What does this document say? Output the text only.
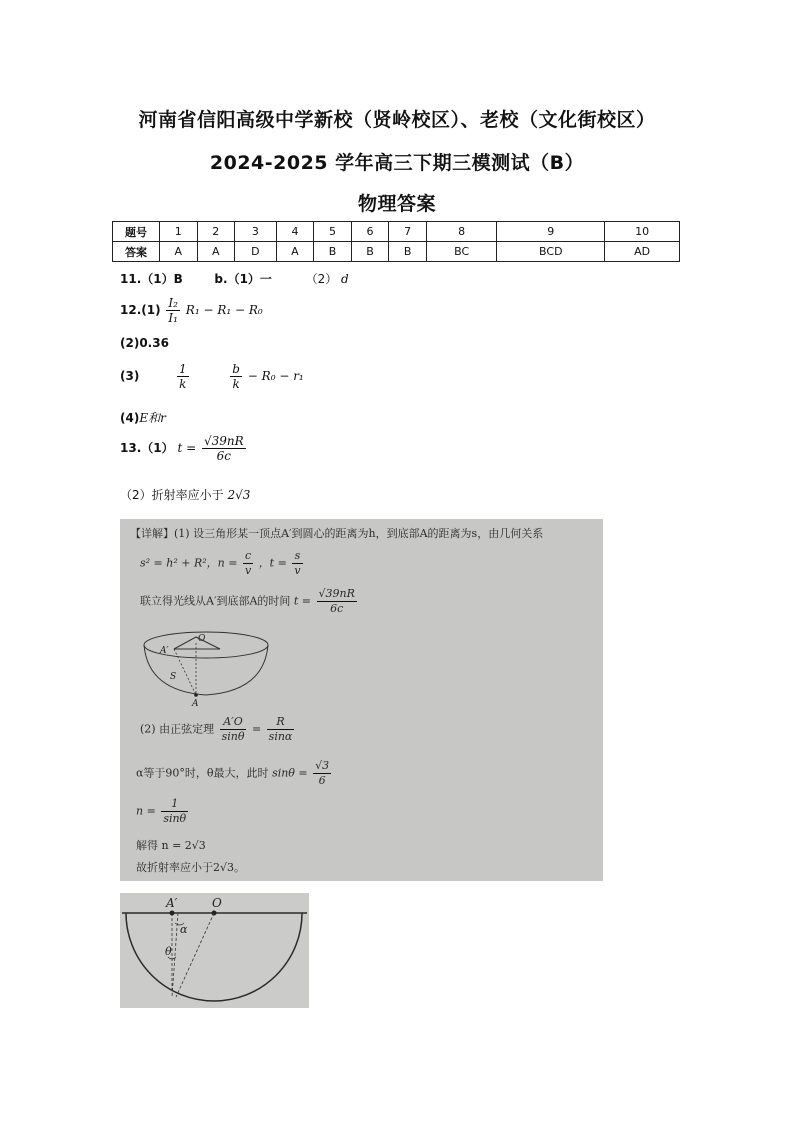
河南省信阳高级中学新校（贤岭校区）、老校（文化街校区）
2024-2025 学年高三下期三模测试（B）
物理答案
题号	1	2	3	4	5	6	7	8	9	10
答案	A	A	D	A	B	B	B	BC	BCD	AD
11.（1）B	b.（1）一	（2） d
$12.(1) \frac{\text{I₂}}{\text{I₁}} R_1 - R_1 - R_0$
(2)0.36
(3)	$\frac{1}{k}$
	$\frac{b}{k} - R_0 - r_1$
(4)E和r
13.（1） $t = \frac{√39nR}{6c}$
（2）折射率应小于 2√3
【详解】(1) 设三角形某一顶点A′到圆心的距离为h，到底部A的距离为s，由几何关系
s² = h² + R²，$n = \frac{c}{v}$ ，$t = \frac{s}{v}$
联立得光线从A′到底部A的时间 $t = \frac{√39nR}{6c}$
A′
O
S
A
(2) 由正弦定理 $\frac{A'O}{\sin\theta} = \frac{R}{\sin\alpha}$
α等于90°时，θ最大，此时 $\sin\theta = \frac{√3}{6}$
$n = \frac{1}{\sin\theta}$
解得 n = 2√3
故折射率应小于2√3。
A′	O
α
θ
